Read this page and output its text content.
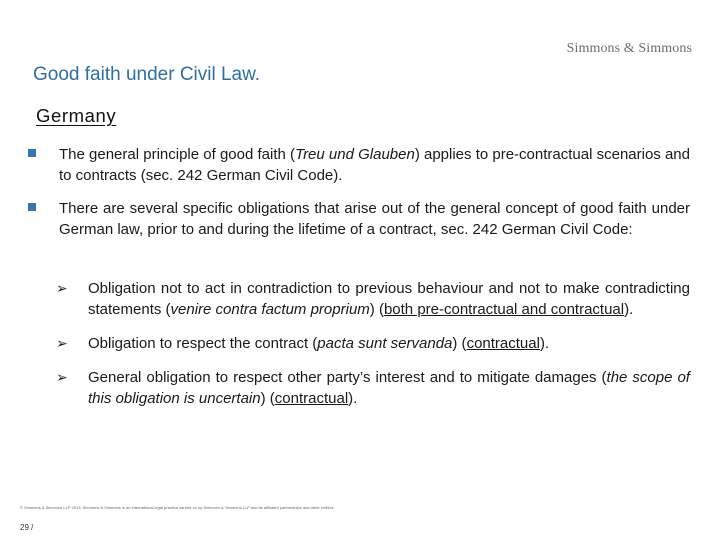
Simmons & Simmons
Good faith under Civil Law.
Germany
The general principle of good faith (Treu und Glauben) applies to pre-contractual scenarios and to contracts (sec. 242 German Civil Code).
There are several specific obligations that arise out of the general concept of good faith under German law, prior to and during the lifetime of a contract, sec. 242 German Civil Code:
➢ Obligation not to act in contradiction to previous behaviour and not to make contradicting statements (venire contra factum proprium) (both pre-contractual and contractual).
➢ Obligation to respect the contract (pacta sunt servanda) (contractual).
➢ General obligation to respect other party’s interest and to mitigate damages (the scope of this obligation is uncertain) (contractual).
© Simmons & Simmons LLP 2013. Simmons & Simmons is an international legal practice carried on by Simmons & Simmons LLP and its affiliated partnerships and other entities.
29 /
